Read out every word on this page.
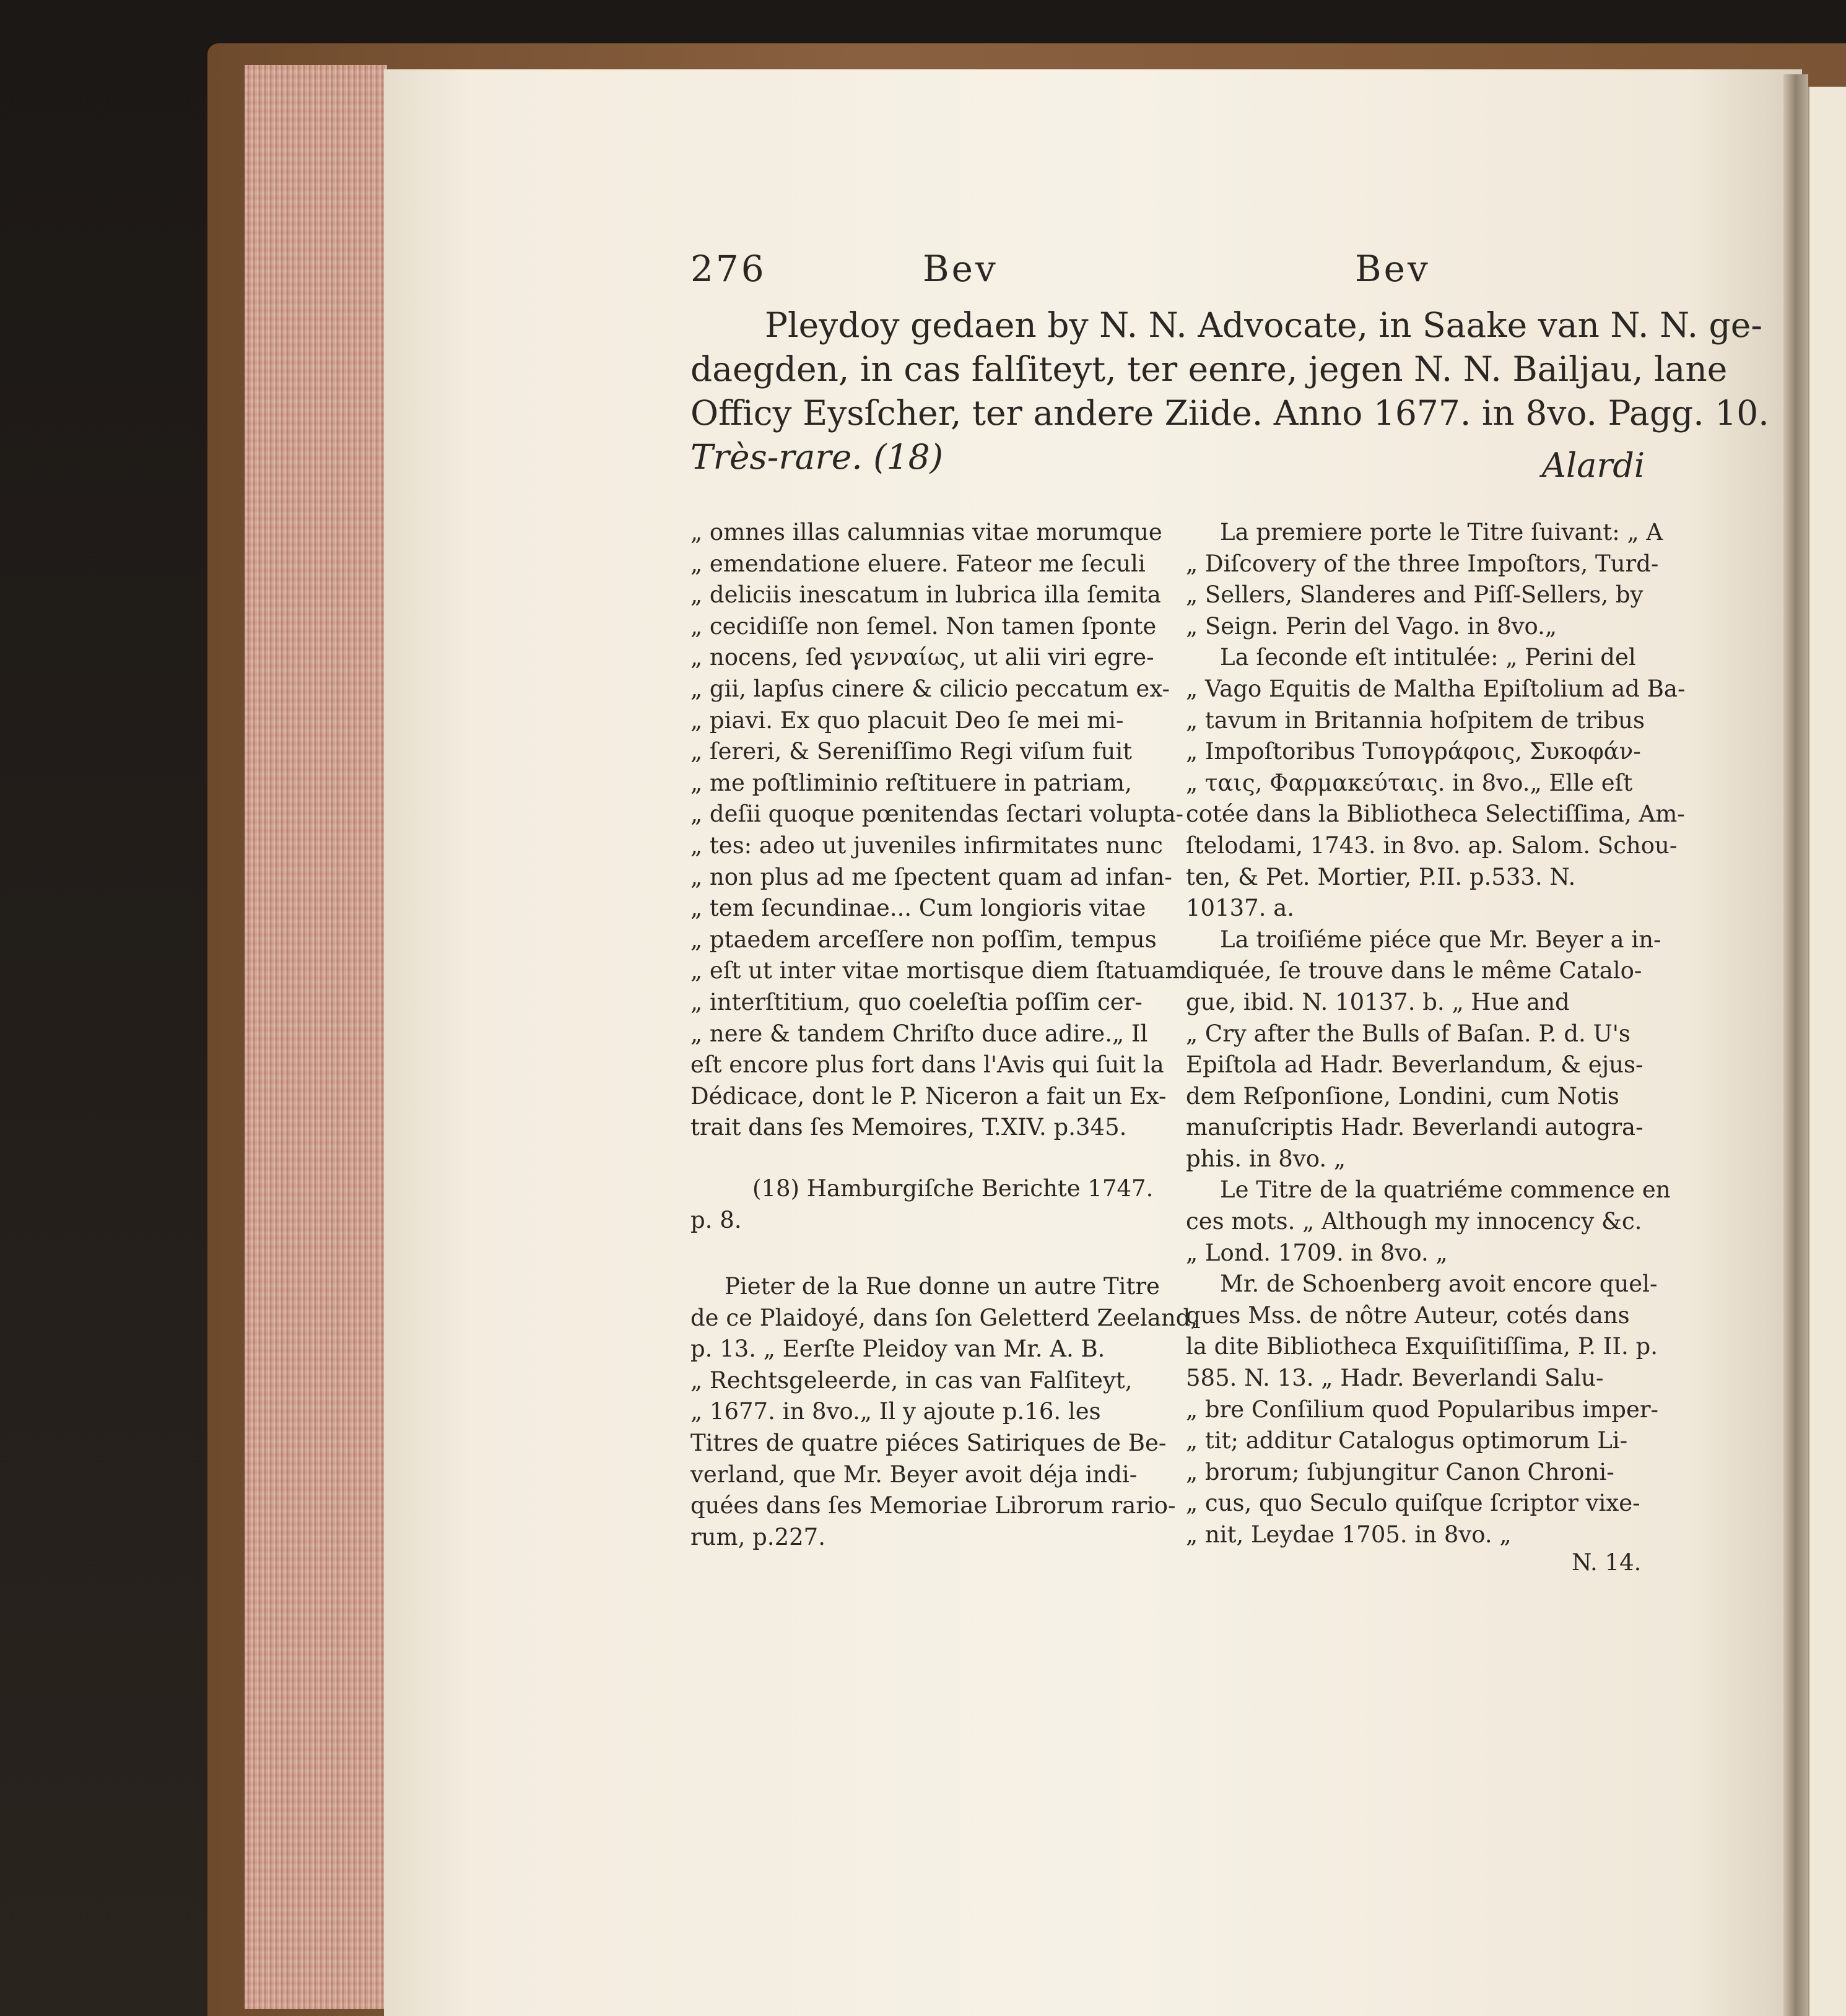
276	Bev	Bev
Pleydoy gedaen by N. N. Advocate, in Saake van N. N. ge-
daegden, in cas falſiteyt, ter eenre, jegen N. N. Bailjau, lane
Officy Eysſcher, ter andere Ziide. Anno 1677. in 8vo. Pagg. 10.
Très-rare. (18)	Alardi
„ omnes illas calumnias vitae morumque
„ emendatione eluere. Fateor me ſeculi
„ deliciis inescatum in lubrica illa ſemita
„ cecidiſſe non ſemel. Non tamen ſponte
„ nocens, ſed γενναίως, ut alii viri egre-
„ gii, lapſus cinere & cilicio peccatum ex-
„ piavi. Ex quo placuit Deo ſe mei mi-
„ ſereri, & Sereniſſimo Regi viſum fuit
„ me poſtliminio reſtituere in patriam,
„ deſii quoque pœnitendas ſectari volupta-
„ tes: adeo ut juveniles infirmitates nunc
„ non plus ad me ſpectent quam ad infan-
„ tem ſecundinae... Cum longioris vitae
„ ptaedem arceſſere non poſſim, tempus
„ eſt ut inter vitae mortisque diem ſtatuam
„ interſtitium, quo coeleſtia poſſim cer-
„ nere & tandem Chriſto duce adire.„ Il
eſt encore plus fort dans l'Avis qui ſuit la
Dédicace, dont le P. Niceron a fait un Ex-
trait dans ſes Memoires, T.XIV. p.345.
(18) Hamburgiſche Berichte 1747.
p. 8.
Pieter de la Rue donne un autre Titre
de ce Plaidoyé, dans ſon Geletterd Zeeland,
p. 13. „ Eerſte Pleidoy van Mr. A. B.
„ Rechtsgeleerde, in cas van Falſiteyt,
„ 1677. in 8vo.„ Il y ajoute p.16. les
Titres de quatre piéces Satiriques de Be-
verland, que Mr. Beyer avoit déja indi-
quées dans ſes Memoriae Librorum rario-
rum, p.227.
La premiere porte le Titre ſuivant: „ A
„ Diſcovery of the three Impoſtors, Turd-
„ Sellers, Slanderes and Piſſ-Sellers, by
„ Seign. Perin del Vago. in 8vo.„
La ſeconde eſt intitulée: „ Perini del
„ Vago Equitis de Maltha Epiſtolium ad Ba-
„ tavum in Britannia hoſpitem de tribus
„ Impoſtoribus Τυπογράφοις, Συκοφάν-
„ ταις, Φαρμακεύταις. in 8vo.„ Elle eſt
cotée dans la Bibliotheca Selectiſſima, Am-
ſtelodami, 1743. in 8vo. ap. Salom. Schou-
ten, & Pet. Mortier, P.II. p.533. N.
10137. a.
La troiſiéme piéce que Mr. Beyer a in-
diquée, ſe trouve dans le même Catalo-
gue, ibid. N. 10137. b. „ Hue and
„ Cry after the Bulls of Baſan. P. d. U's
Epiſtola ad Hadr. Beverlandum, & ejus-
dem Reſponſione, Londini, cum Notis
manuſcriptis Hadr. Beverlandi autogra-
phis. in 8vo. „
Le Titre de la quatriéme commence en
ces mots. „ Although my innocency &c.
„ Lond. 1709. in 8vo. „
Mr. de Schoenberg avoit encore quel-
ques Mss. de nôtre Auteur, cotés dans
la dite Bibliotheca Exquiſitiſſima, P. II. p.
585. N. 13. „ Hadr. Beverlandi Salu-
„ bre Conſilium quod Popularibus imper-
„ tit; additur Catalogus optimorum Li-
„ brorum; ſubjungitur Canon Chroni-
„ cus, quo Seculo quiſque ſcriptor vixe-
„ nit, Leydae 1705. in 8vo. „
N. 14.
